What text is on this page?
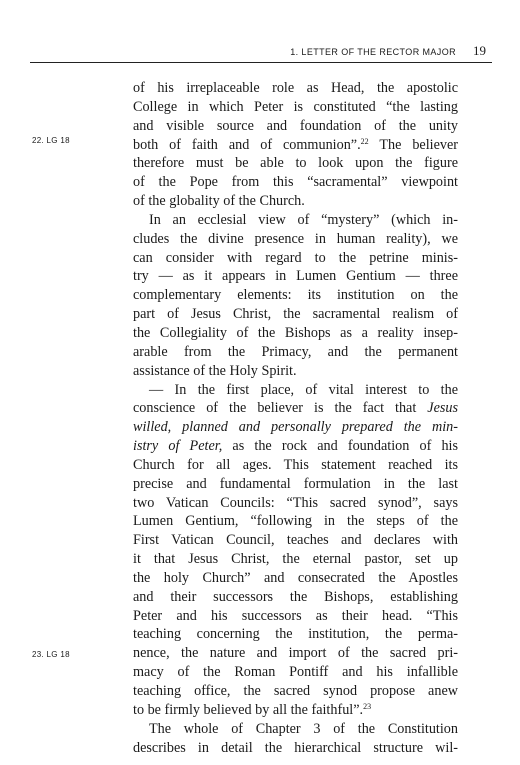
1. LETTER OF THE RECTOR MAJOR 19
22. LG 18
23. LG 18
of his irreplaceable role as Head, the apostolic
College in which Peter is constituted “the lasting
and visible source and foundation of the unity
both of faith and of communion”.$^{22}$ The believer
therefore must be able to look upon the figure
of the Pope from this “sacramental” viewpoint
of the globality of the Church.
In an ecclesial view of “mystery” (which in-
cludes the divine presence in human reality), we
can consider with regard to the petrine minis-
try — as it appears in Lumen Gentium — three
complementary elements: its institution on the
part of Jesus Christ, the sacramental realism of
the Collegiality of the Bishops as a reality insep-
arable from the Primacy, and the permanent
assistance of the Holy Spirit.
— In the first place, of vital interest to the
conscience of the believer is the fact that Jesus
willed, planned and personally prepared the min-
istry of Peter, as the rock and foundation of his
Church for all ages. This statement reached its
precise and fundamental formulation in the last
two Vatican Councils: “This sacred synod”, says
Lumen Gentium, “following in the steps of the
First Vatican Council, teaches and declares with
it that Jesus Christ, the eternal pastor, set up
the holy Church” and consecrated the Apostles
and their successors the Bishops, establishing
Peter and his successors as their head. “This
teaching concerning the institution, the perma-
nence, the nature and import of the sacred pri-
macy of the Roman Pontiff and his infallible
teaching office, the sacred synod propose anew
to be firmly believed by all the faithful”.$^{23}$
The whole of Chapter 3 of the Constitution
describes in detail the hierarchical structure wil-
